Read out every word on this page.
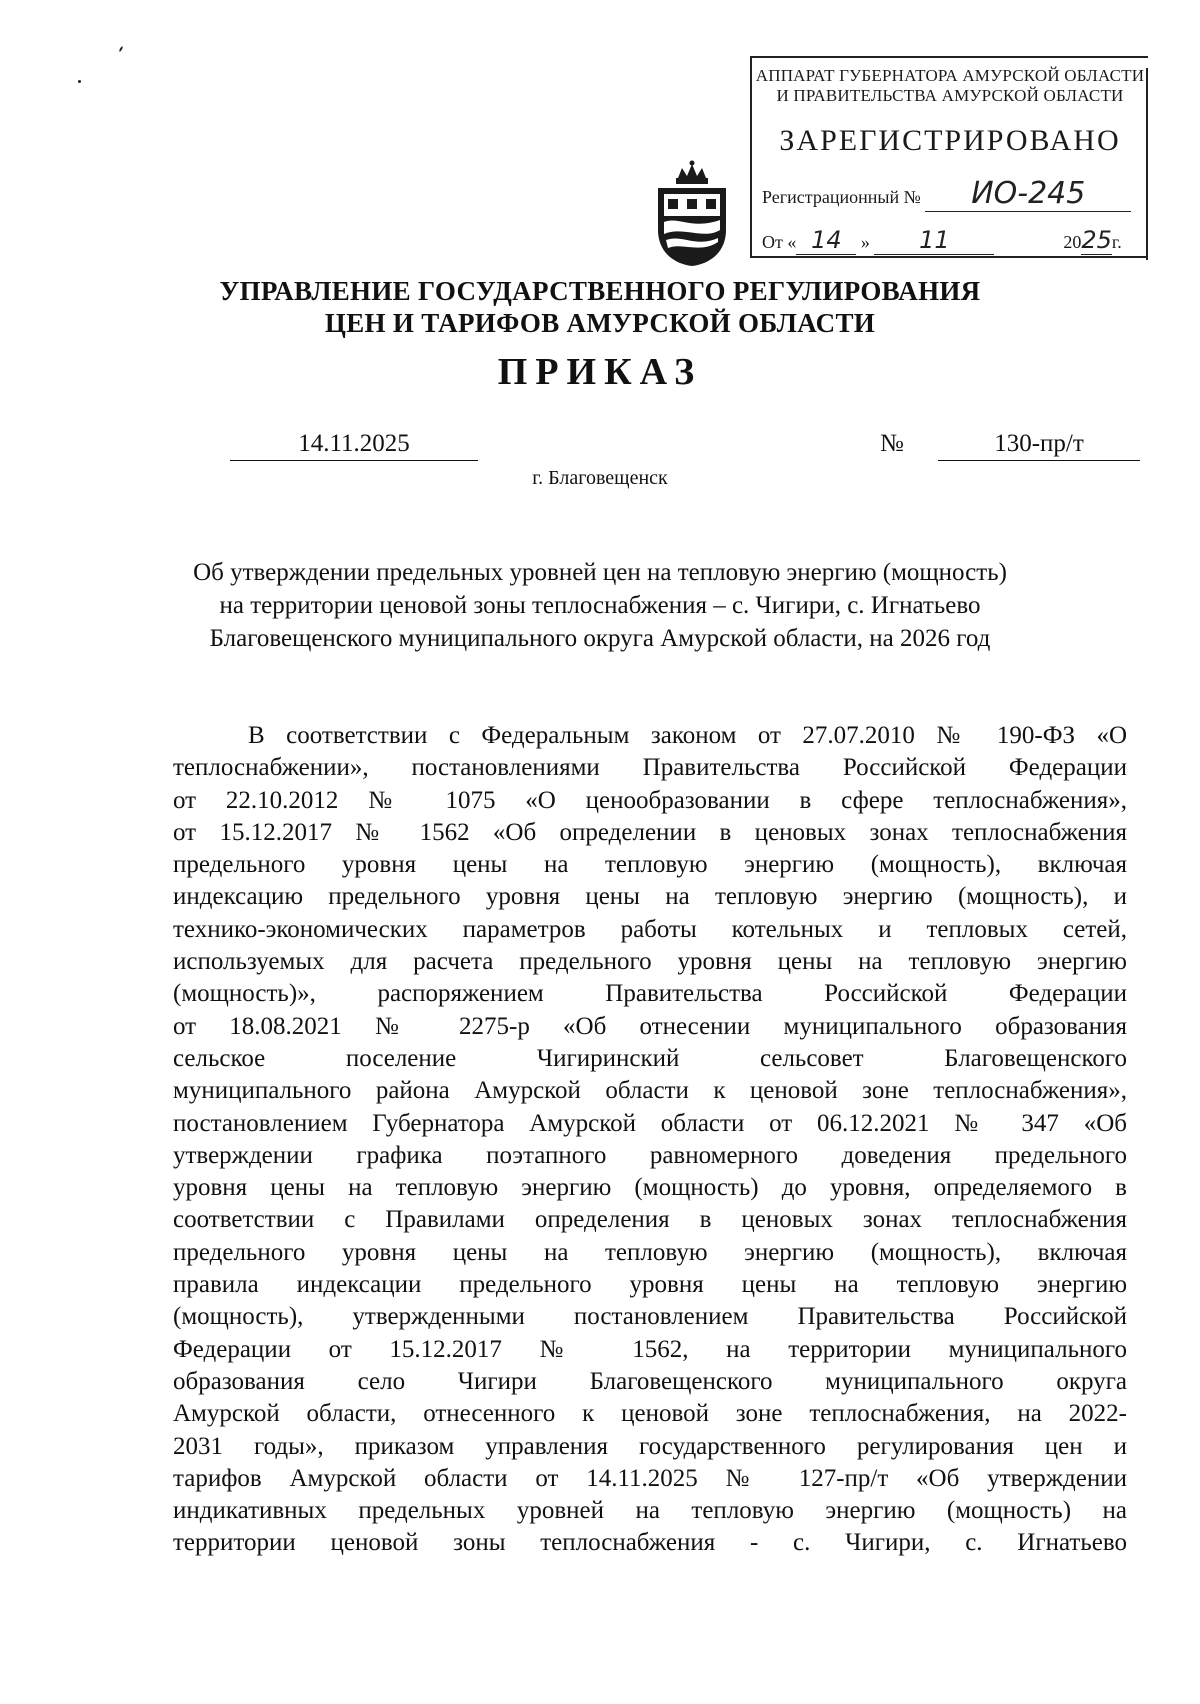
АППАРАТ ГУБЕРНАТОРА АМУРСКОЙ ОБЛАСТИ
И ПРАВИТЕЛЬСТВА АМУРСКОЙ ОБЛАСТИ
ЗАРЕГИСТРИРОВАНО
Регистрационный № ИО-245
От « 14 » 11	2025г.
УПРАВЛЕНИЕ ГОСУДАРСТВЕННОГО РЕГУЛИРОВАНИЯ
ЦЕН И ТАРИФОВ АМУРСКОЙ ОБЛАСТИ
ПРИКАЗ
14.11.2025	№	130-пр/т
г. Благовещенск
Об утверждении предельных уровней цен на тепловую энергию (мощность)
на территории ценовой зоны теплоснабжения – с. Чигири, с. Игнатьево
Благовещенского муниципального округа Амурской области, на 2026 год
В соответствии с Федеральным законом от 27.07.2010 № 190-ФЗ «О
теплоснабжении», постановлениями Правительства Российской Федерации
от 22.10.2012 № 1075 «О ценообразовании в сфере теплоснабжения»,
от 15.12.2017 № 1562 «Об определении в ценовых зонах теплоснабжения
предельного уровня цены на тепловую энергию (мощность), включая
индексацию предельного уровня цены на тепловую энергию (мощность), и
технико-экономических параметров работы котельных и тепловых сетей,
используемых для расчета предельного уровня цены на тепловую энергию
(мощность)», распоряжением Правительства Российской Федерации
от 18.08.2021 № 2275-р «Об отнесении муниципального образования
сельское поселение Чигиринский сельсовет Благовещенского
муниципального района Амурской области к ценовой зоне теплоснабжения»,
постановлением Губернатора Амурской области от 06.12.2021 № 347 «Об
утверждении графика поэтапного равномерного доведения предельного
уровня цены на тепловую энергию (мощность) до уровня, определяемого в
соответствии с Правилами определения в ценовых зонах теплоснабжения
предельного уровня цены на тепловую энергию (мощность), включая
правила индексации предельного уровня цены на тепловую энергию
(мощность), утвержденными постановлением Правительства Российской
Федерации от 15.12.2017 № 1562, на территории муниципального
образования село Чигири Благовещенского муниципального округа
Амурской области, отнесенного к ценовой зоне теплоснабжения, на 2022-
2031 годы», приказом управления государственного регулирования цен и
тарифов Амурской области от 14.11.2025 № 127-пр/т «Об утверждении
индикативных предельных уровней на тепловую энергию (мощность) на
территории ценовой зоны теплоснабжения - с. Чигири, с. Игнатьево
